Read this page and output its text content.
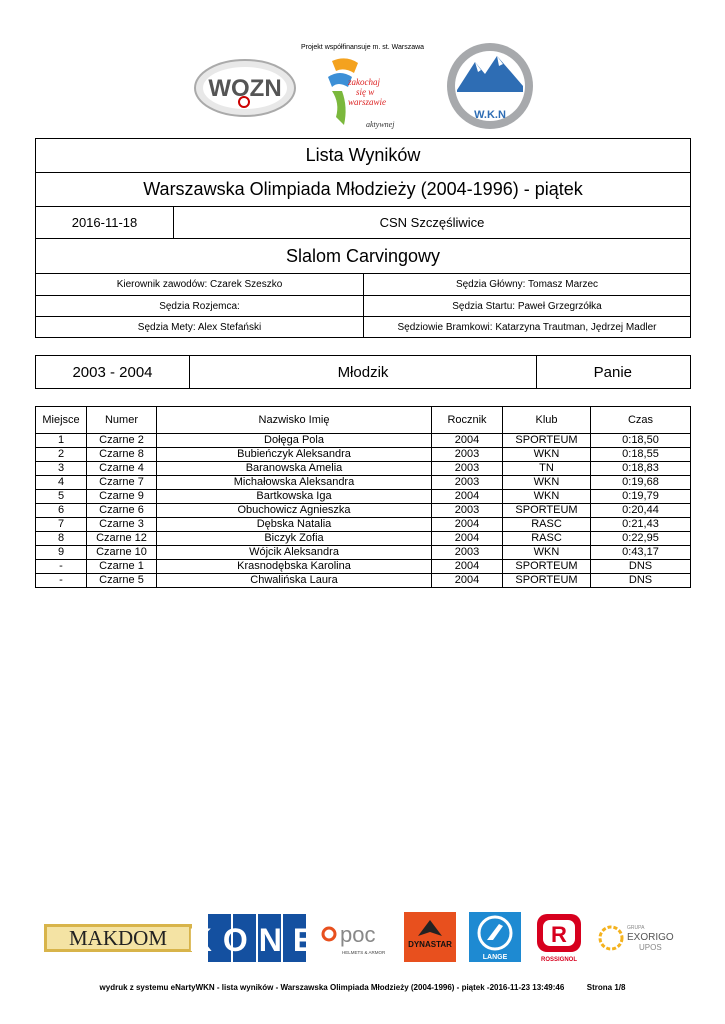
Projekt współfinansuje m. st. Warszawa
WOZN	zakochaj
się w
warszawie
aktywnej
W.K.N
Lista Wyników
Warszawska Olimpiada Młodzieży (2004-1996) - piątek
2016-11-18	CSN Szczęśliwice
Slalom Carvingowy
Kierownik zawodów: Czarek Szeszko	Sędzia Główny: Tomasz Marzec
Sędzia Rozjemca:	Sędzia Startu: Paweł Grzegrzółka
Sędzia Mety: Alex Stefański	Sędziowie Bramkowi: Katarzyna Trautman, Jędrzej Madler
2003 - 2004	Młodzik	Panie
Miejsce	Numer	Nazwisko Imię	Rocznik	Klub	Czas
1	Czarne 2	Dołęga Pola	2004	SPORTEUM	0:18,50
2	Czarne 8	Bubieńczyk Aleksandra	2003	WKN	0:18,55
3	Czarne 4	Baranowska Amelia	2003	TN	0:18,83
4	Czarne 7	Michałowska Aleksandra	2003	WKN	0:19,68
5	Czarne 9	Bartkowska Iga	2004	WKN	0:19,79
6	Czarne 6	Obuchowicz Agnieszka	2003	SPORTEUM	0:20,44
7	Czarne 3	Dębska Natalia	2004	RASC	0:21,43
8	Czarne 12	Biczyk Zofia	2004	RASC	0:22,95
9	Czarne 10	Wójcik Aleksandra	2003	WKN	0:43,17
-	Czarne 1	Krasnodębska Karolina	2004	SPORTEUM	DNS
-	Czarne 5	Chwalińska Laura	2004	SPORTEUM	DNS
MAKDOM KONE poc
HELMETS & ARMOR
DYNASTAR
LANGE
R
ROSSIGNOL
GRUPA
EXORIGO
UPOS
wydruk z systemu eNartyWKN - lista wyników - Warszawska Olimpiada Młodzieży (2004-1996) - piątek -2016-11-23 13:49:46	Strona 1/8
